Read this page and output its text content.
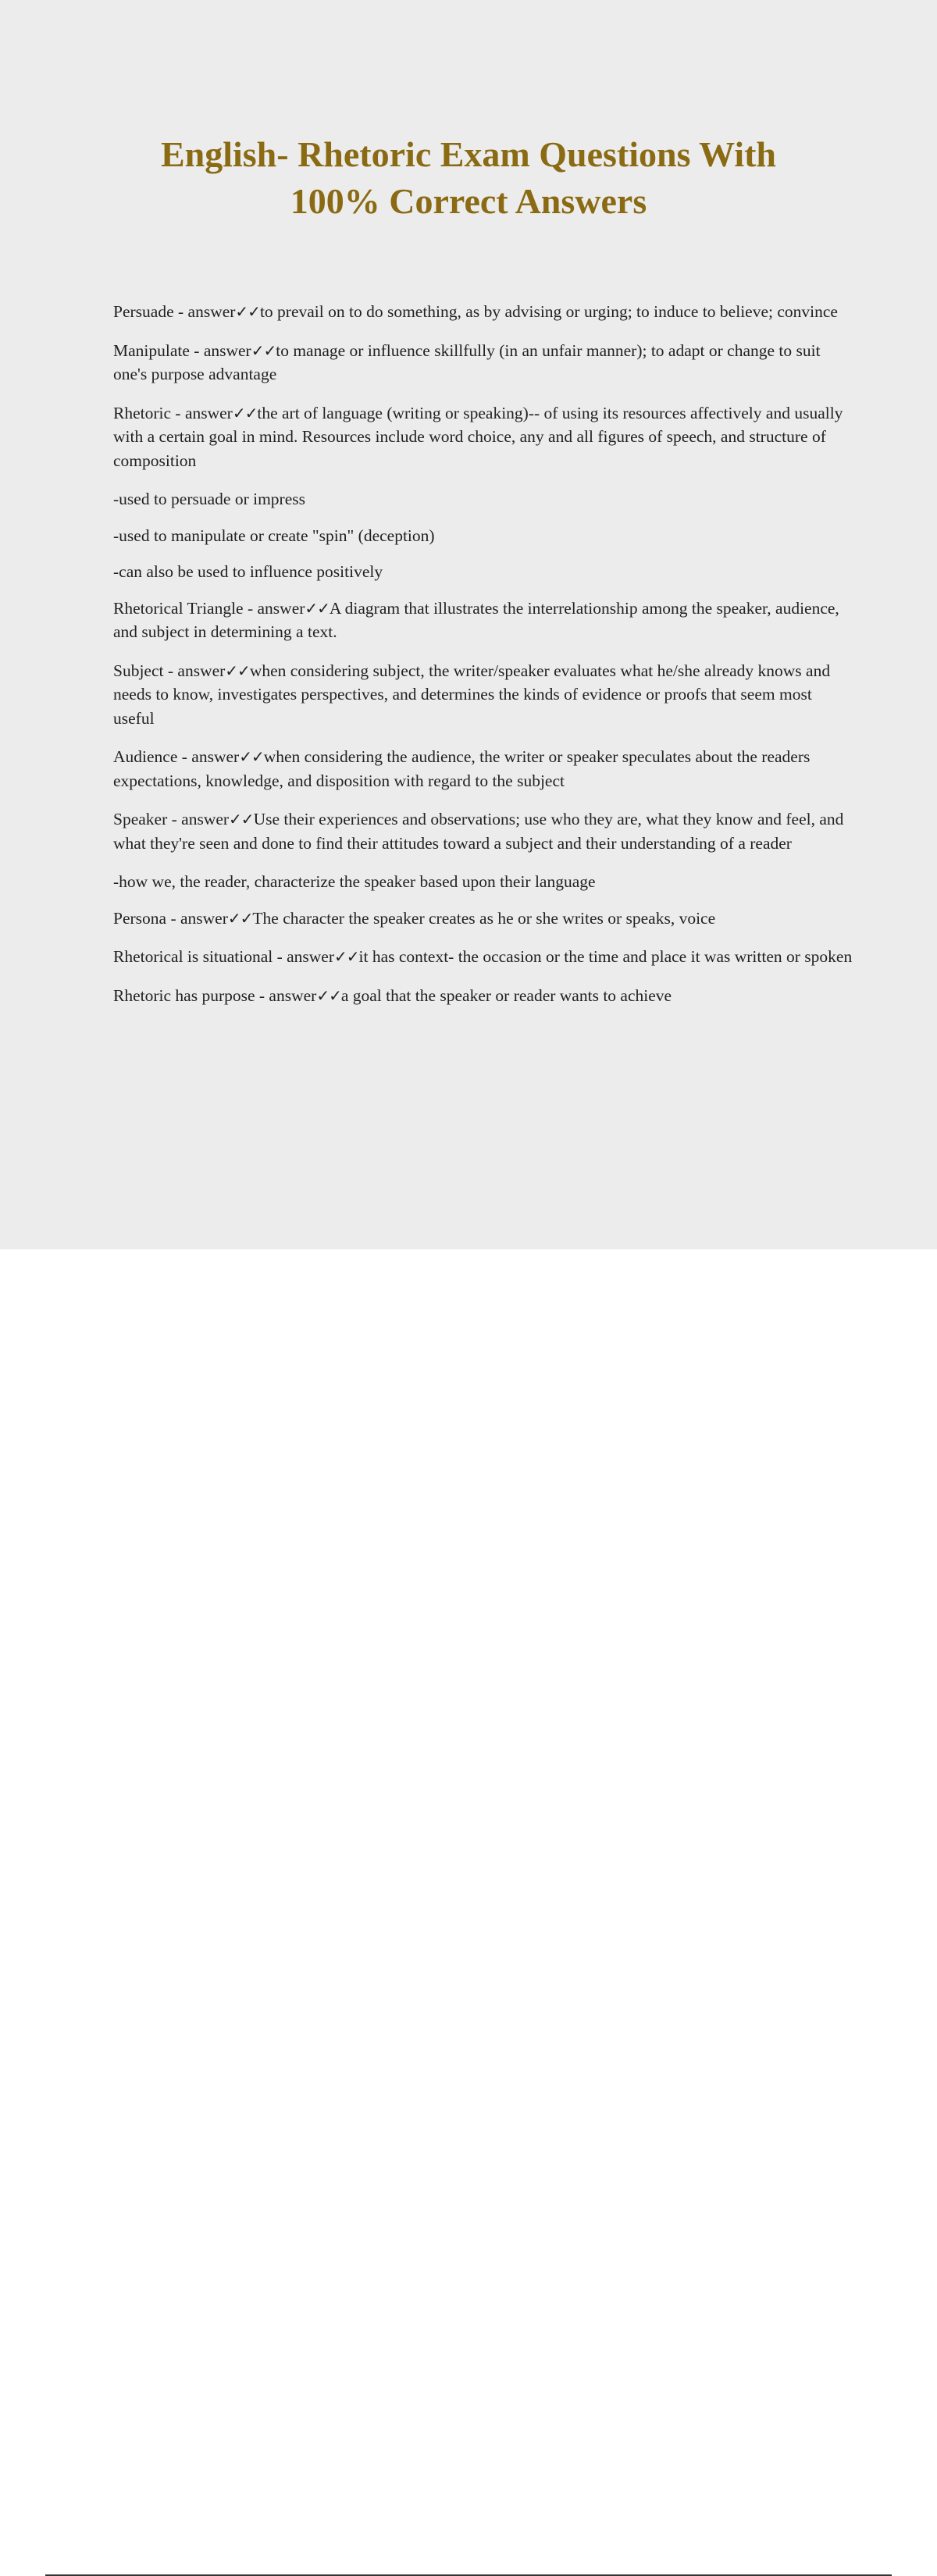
English- Rhetoric Exam Questions With
100% Correct Answers

Persuade - answer✓✓to prevail on to do something, as by advising or urging; to induce to believe; convince

Manipulate - answer✓✓to manage or influence skillfully (in an unfair manner); to adapt or change to suit one's purpose advantage

Rhetoric - answer✓✓the art of language (writing or speaking)-- of using its resources affectively and usually with a certain goal in mind. Resources include word choice, any and all figures of speech, and structure of composition

-used to persuade or impress

-used to manipulate or create "spin" (deception)

-can also be used to influence positively

Rhetorical Triangle - answer✓✓A diagram that illustrates the interrelationship among the speaker, audience, and subject in determining a text.

Subject - answer✓✓when considering subject, the writer/speaker evaluates what he/she already knows and needs to know, investigates perspectives, and determines the kinds of evidence or proofs that seem most useful

Audience - answer✓✓when considering the audience, the writer or speaker speculates about the readers expectations, knowledge, and disposition with regard to the subject

Speaker - answer✓✓Use their experiences and observations; use who they are, what they know and feel, and what they're seen and done to find their attitudes toward a subject and their understanding of a reader

-how we, the reader, characterize the speaker based upon their language

Persona - answer✓✓The character the speaker creates as he or she writes or speaks, voice

Rhetorical is situational - answer✓✓it has context- the occasion or the time and place it was written or spoken

Rhetoric has purpose - answer✓✓a goal that the speaker or reader wants to achieve
